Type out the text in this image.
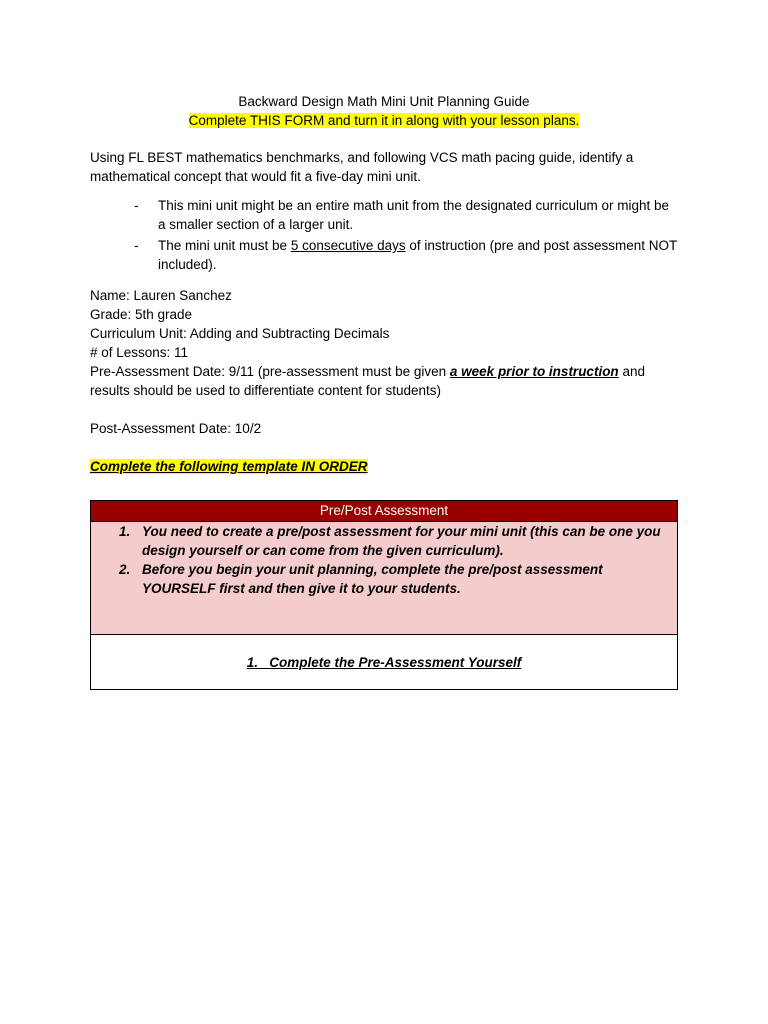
Backward Design Math Mini Unit Planning Guide
Complete THIS FORM and turn it in along with your lesson plans.
Using FL BEST mathematics benchmarks, and following VCS math pacing guide, identify a mathematical concept that would fit a five-day mini unit.
- This mini unit might be an entire math unit from the designated curriculum or might be a smaller section of a larger unit.
- The mini unit must be 5 consecutive days of instruction (pre and post assessment NOT included).
Name: Lauren Sanchez
Grade: 5th grade
Curriculum Unit: Adding and Subtracting Decimals
# of Lessons: 11
Pre-Assessment Date: 9/11 (pre-assessment must be given a week prior to instruction and results should be used to differentiate content for students)
Post-Assessment Date: 10/2
Complete the following template IN ORDER
Pre/Post Assessment
1. You need to create a pre/post assessment for your mini unit (this can be one you design yourself or can come from the given curriculum).
2. Before you begin your unit planning, complete the pre/post assessment YOURSELF first and then give it to your students.
1. Complete the Pre-Assessment Yourself
